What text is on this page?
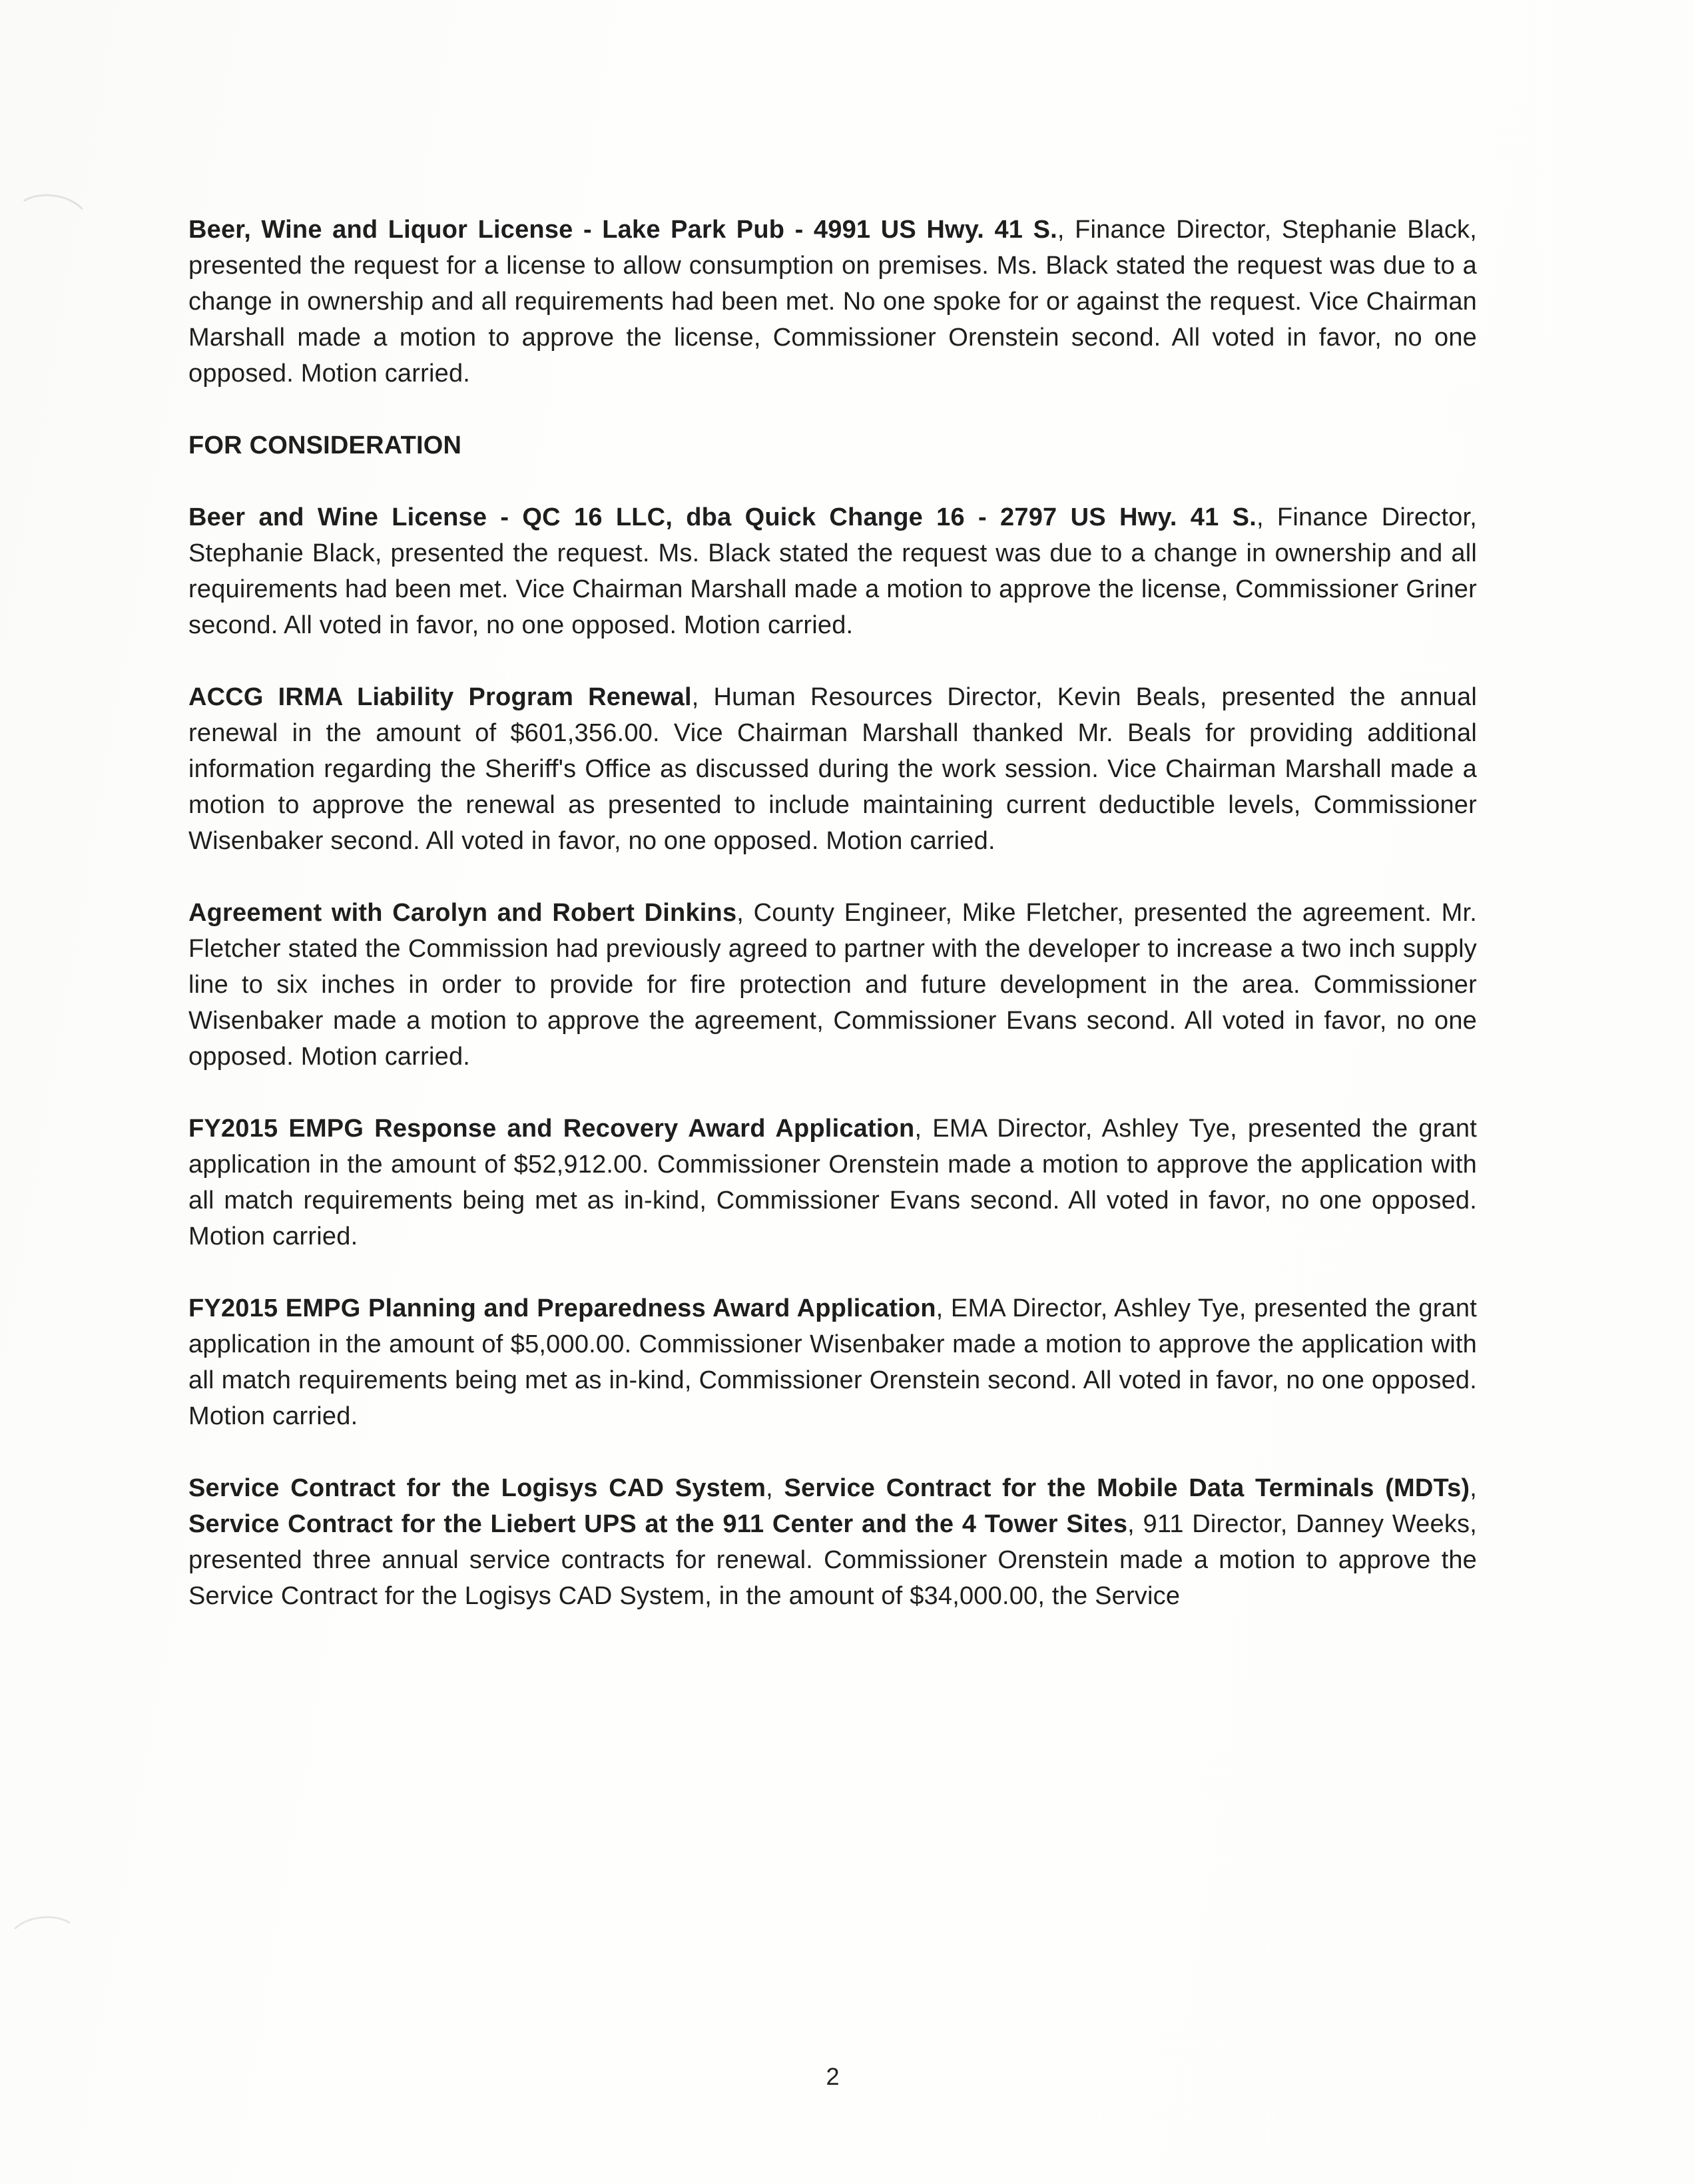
Beer, Wine and Liquor License - Lake Park Pub - 4991 US Hwy. 41 S., Finance Director, Stephanie Black, presented the request for a license to allow consumption on premises. Ms. Black stated the request was due to a change in ownership and all requirements had been met. No one spoke for or against the request. Vice Chairman Marshall made a motion to approve the license, Commissioner Orenstein second. All voted in favor, no one opposed. Motion carried.

FOR CONSIDERATION

Beer and Wine License - QC 16 LLC, dba Quick Change 16 - 2797 US Hwy. 41 S., Finance Director, Stephanie Black, presented the request. Ms. Black stated the request was due to a change in ownership and all requirements had been met. Vice Chairman Marshall made a motion to approve the license, Commissioner Griner second. All voted in favor, no one opposed. Motion carried.

ACCG IRMA Liability Program Renewal, Human Resources Director, Kevin Beals, presented the annual renewal in the amount of $601,356.00. Vice Chairman Marshall thanked Mr. Beals for providing additional information regarding the Sheriff's Office as discussed during the work session. Vice Chairman Marshall made a motion to approve the renewal as presented to include maintaining current deductible levels, Commissioner Wisenbaker second. All voted in favor, no one opposed. Motion carried.

Agreement with Carolyn and Robert Dinkins, County Engineer, Mike Fletcher, presented the agreement. Mr. Fletcher stated the Commission had previously agreed to partner with the developer to increase a two inch supply line to six inches in order to provide for fire protection and future development in the area. Commissioner Wisenbaker made a motion to approve the agreement, Commissioner Evans second. All voted in favor, no one opposed. Motion carried.

FY2015 EMPG Response and Recovery Award Application, EMA Director, Ashley Tye, presented the grant application in the amount of $52,912.00. Commissioner Orenstein made a motion to approve the application with all match requirements being met as in-kind, Commissioner Evans second. All voted in favor, no one opposed. Motion carried.

FY2015 EMPG Planning and Preparedness Award Application, EMA Director, Ashley Tye, presented the grant application in the amount of $5,000.00. Commissioner Wisenbaker made a motion to approve the application with all match requirements being met as in-kind, Commissioner Orenstein second. All voted in favor, no one opposed. Motion carried.

Service Contract for the Logisys CAD System, Service Contract for the Mobile Data Terminals (MDTs), Service Contract for the Liebert UPS at the 911 Center and the 4 Tower Sites, 911 Director, Danney Weeks, presented three annual service contracts for renewal. Commissioner Orenstein made a motion to approve the Service Contract for the Logisys CAD System, in the amount of $34,000.00, the Service

2
